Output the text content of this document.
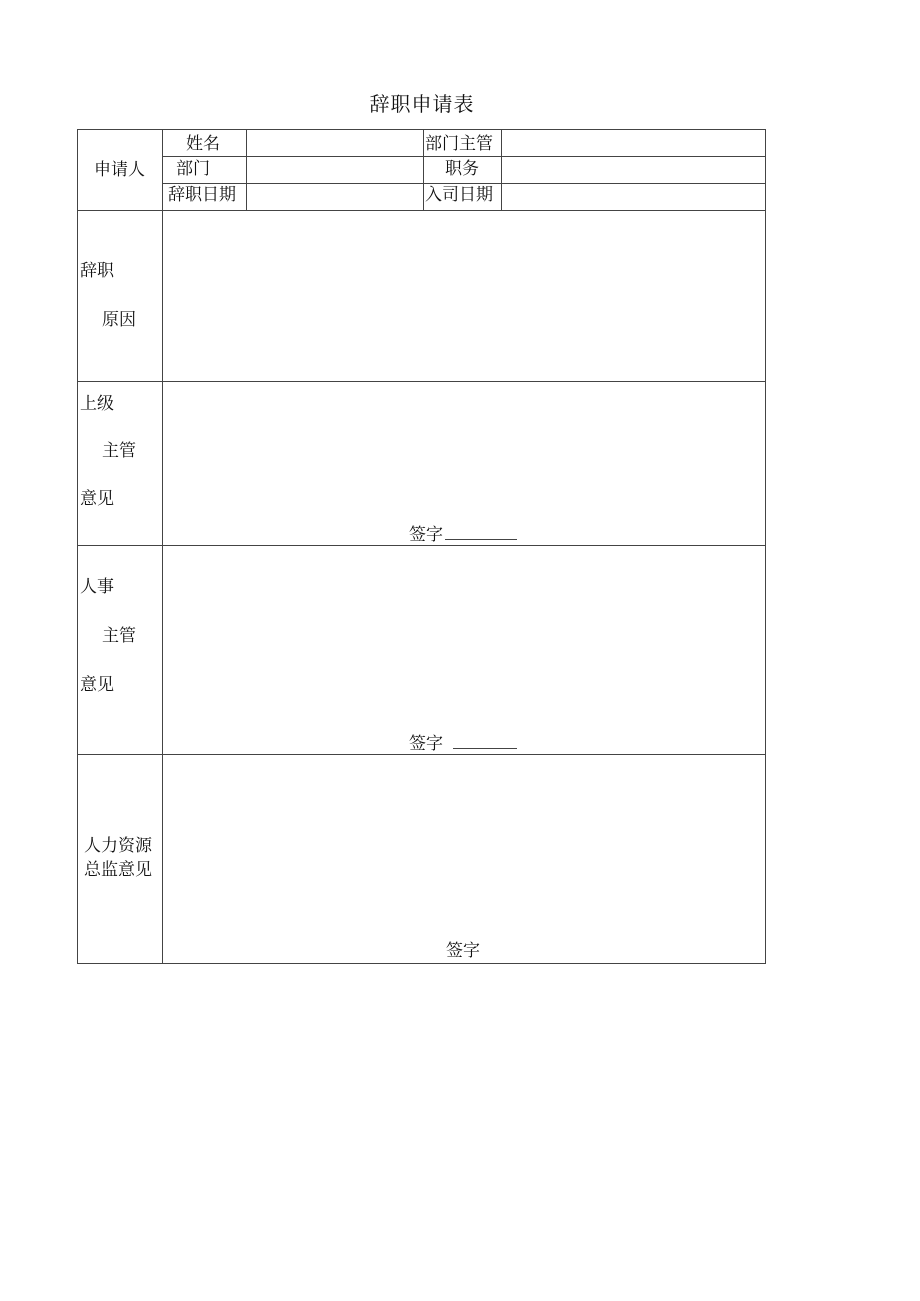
辞职申请表
申请人
姓名
部门
辞职日期
部门主管
职务
入司日期
辞职
原因
上级
主管
意见
签字
人事
主管
意见
签字
人力资源
总监意见
签字
